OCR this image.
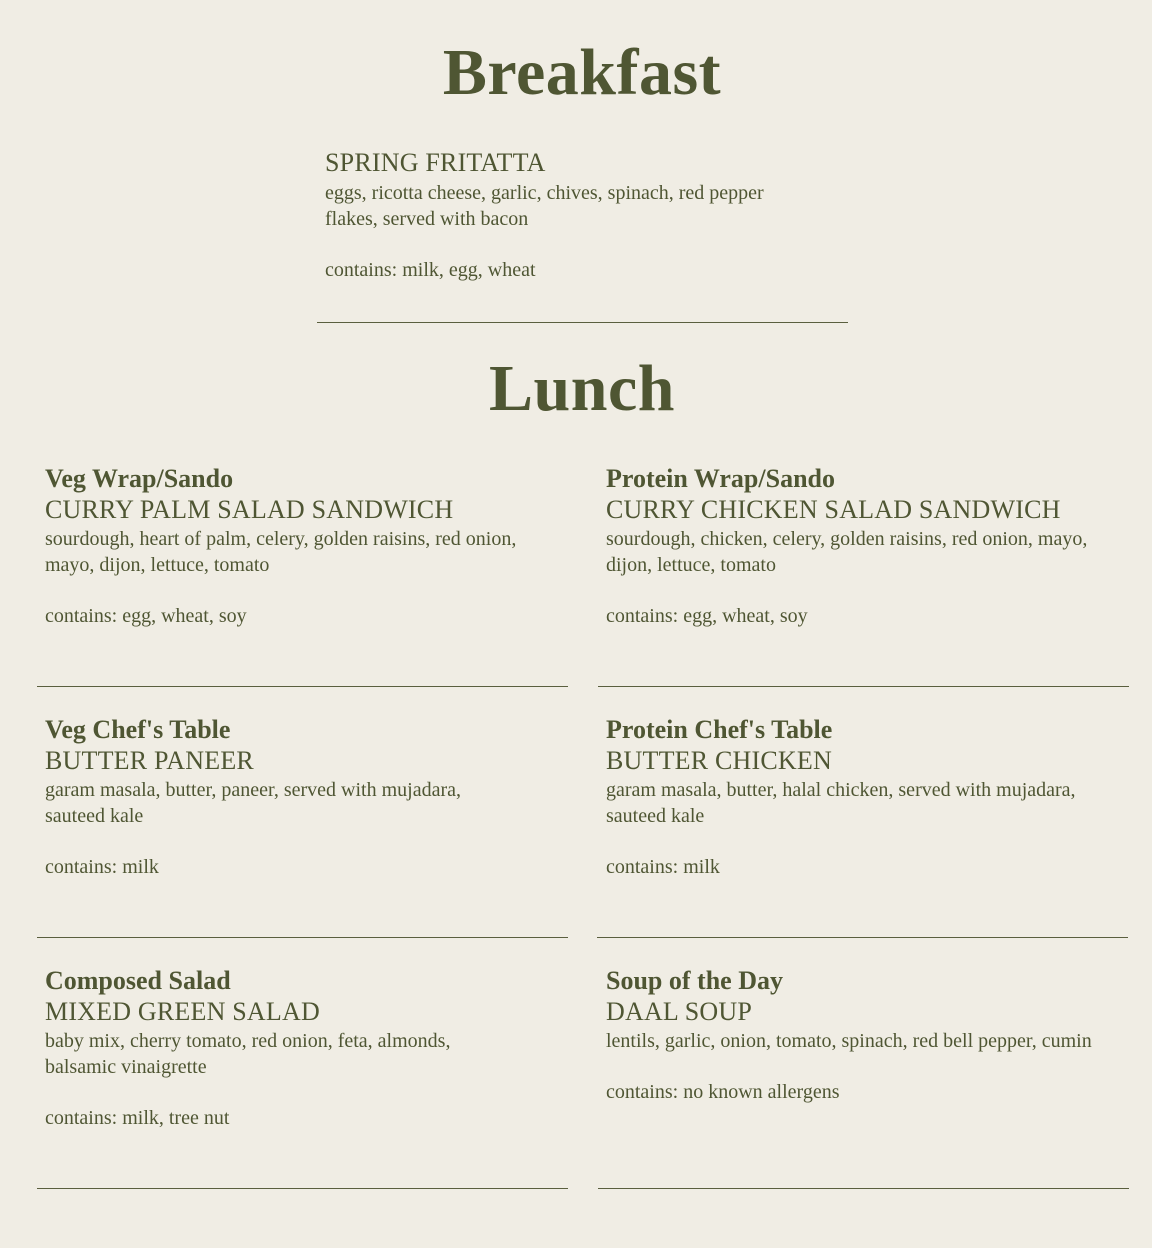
Breakfast
SPRING FRITATTA
eggs, ricotta cheese, garlic, chives, spinach, red pepper flakes, served with bacon
contains: milk, egg, wheat
Lunch
Veg Wrap/Sando
CURRY PALM SALAD SANDWICH
sourdough, heart of palm, celery, golden raisins, red onion, mayo, dijon, lettuce, tomato
contains: egg, wheat, soy
Protein Wrap/Sando
CURRY CHICKEN SALAD SANDWICH
sourdough, chicken, celery, golden raisins, red onion, mayo, dijon, lettuce, tomato
contains: egg, wheat, soy
Veg Chef's Table
BUTTER PANEER
garam masala, butter, paneer, served with mujadara, sauteed kale
contains: milk
Protein Chef's Table
BUTTER CHICKEN
garam masala, butter, halal chicken, served with mujadara, sauteed kale
contains: milk
Composed Salad
MIXED GREEN SALAD
baby mix, cherry tomato, red onion, feta, almonds, balsamic vinaigrette
contains: milk, tree nut
Soup of the Day
DAAL SOUP
lentils, garlic, onion, tomato, spinach, red bell pepper, cumin
contains: no known allergens
